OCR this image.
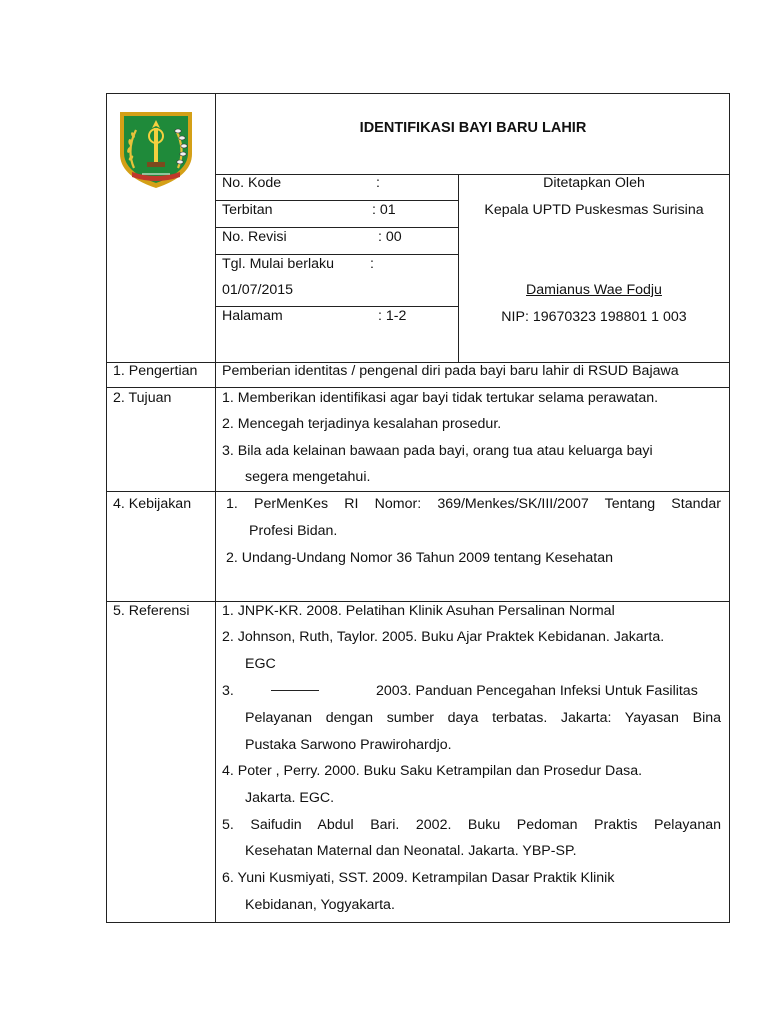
IDENTIFIKASI BAYI BARU LAHIR
No. Kode	:
Terbitan	: 01
No. Revisi	: 00
Tgl. Mulai berlaku	:
01/07/2015
Halamam	: 1-2
Ditetapkan Oleh
Kepala UPTD Puskesmas Surisina
Damianus Wae Fodju
NIP: 19670323 198801 1 003
1. Pengertian Pemberian identitas / pengenal diri pada bayi baru lahir di RSUD Bajawa
2. Tujuan	1. Memberikan identifikasi agar bayi tidak tertukar selama perawatan.
2. Mencegah terjadinya kesalahan prosedur.
3. Bila ada kelainan bawaan pada bayi, orang tua atau keluarga bayi
segera mengetahui.
4. Kebijakan 1. PerMenKes RI Nomor: 369/Menkes/SK/III/2007 Tentang Standar
Profesi Bidan.
2. Undang-Undang Nomor 36 Tahun 2009 tentang Kesehatan
5. Referensi 1. JNPK-KR. 2008. Pelatihan Klinik Asuhan Persalinan Normal
2. Johnson, Ruth, Taylor. 2005. Buku Ajar Praktek Kebidanan. Jakarta.
EGC
3.	2003. Panduan Pencegahan Infeksi Untuk Fasilitas
Pelayanan dengan sumber daya terbatas. Jakarta: Yayasan Bina
Pustaka Sarwono Prawirohardjo.
4. Poter , Perry. 2000. Buku Saku Ketrampilan dan Prosedur Dasa.
Jakarta. EGC.
5. Saifudin Abdul Bari. 2002. Buku Pedoman Praktis Pelayanan
Kesehatan Maternal dan Neonatal. Jakarta. YBP-SP.
6. Yuni Kusmiyati, SST. 2009. Ketrampilan Dasar Praktik Klinik
Kebidanan, Yogyakarta.
